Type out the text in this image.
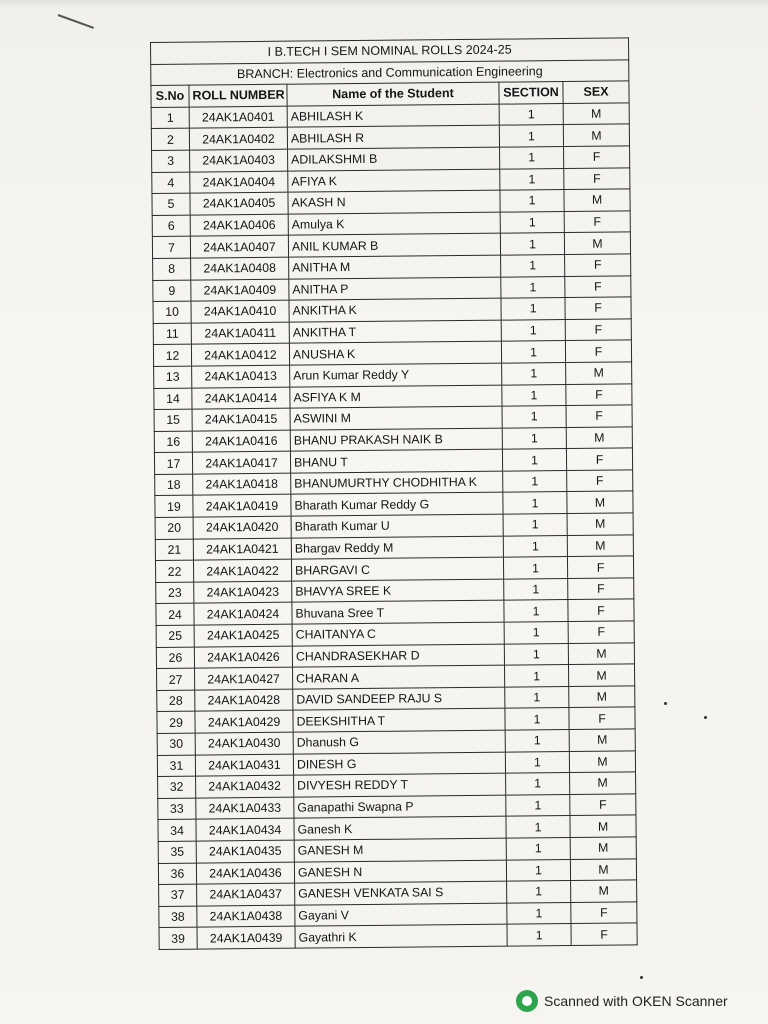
I B.TECH I SEM NOMINAL ROLLS 2024-25				
BRANCH: Electronics and Communication Engineering				
S.No	ROLL NUMBER	Name of the Student	SECTION	SEX
1	24AK1A0401	ABHILASH K	1	M
2	24AK1A0402	ABHILASH R	1	M
3	24AK1A0403	ADILAKSHMI B	1	F
4	24AK1A0404	AFIYA K	1	F
5	24AK1A0405	AKASH N	1	M
6	24AK1A0406	Amulya K	1	F
7	24AK1A0407	ANIL KUMAR B	1	M
8	24AK1A0408	ANITHA M	1	F
9	24AK1A0409	ANITHA P	1	F
10	24AK1A0410	ANKITHA K	1	F
11	24AK1A0411	ANKITHA T	1	F
12	24AK1A0412	ANUSHA K	1	F
13	24AK1A0413	Arun Kumar Reddy Y	1	M
14	24AK1A0414	ASFIYA K M	1	F
15	24AK1A0415	ASWINI M	1	F
16	24AK1A0416	BHANU PRAKASH NAIK B	1	M
17	24AK1A0417	BHANU T	1	F
18	24AK1A0418	BHANUMURTHY CHODHITHA K	1	F
19	24AK1A0419	Bharath Kumar Reddy G	1	M
20	24AK1A0420	Bharath Kumar U	1	M
21	24AK1A0421	Bhargav Reddy M	1	M
22	24AK1A0422	BHARGAVI C	1	F
23	24AK1A0423	BHAVYA SREE K	1	F
24	24AK1A0424	Bhuvana Sree T	1	F
25	24AK1A0425	CHAITANYA C	1	F
26	24AK1A0426	CHANDRASEKHAR D	1	M
27	24AK1A0427	CHARAN A	1	M
28	24AK1A0428	DAVID SANDEEP RAJU S	1	M
29	24AK1A0429	DEEKSHITHA T	1	F
30	24AK1A0430	Dhanush G	1	M
31	24AK1A0431	DINESH G	1	M
32	24AK1A0432	DIVYESH REDDY T	1	M
33	24AK1A0433	Ganapathi Swapna P	1	F
34	24AK1A0434	Ganesh K	1	M
35	24AK1A0435	GANESH M	1	M
36	24AK1A0436	GANESH N	1	M
37	24AK1A0437	GANESH VENKATA SAI S	1	M
38	24AK1A0438	Gayani V	1	F
39	24AK1A0439	Gayathri K	1	F
Scanned with OKEN Scanner
